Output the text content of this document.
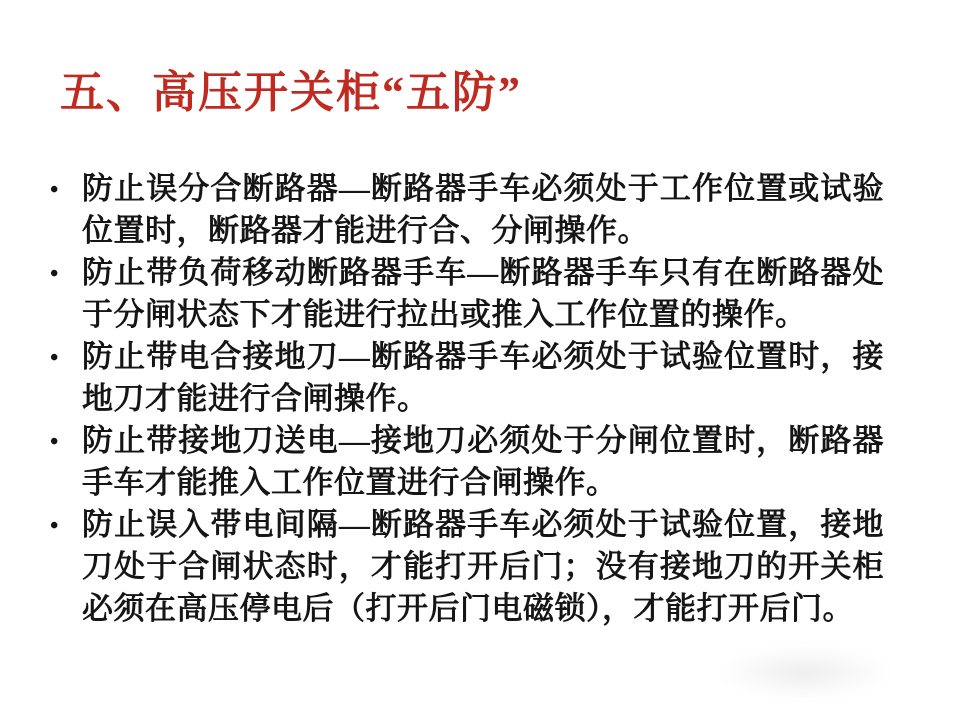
五、高压开关柜“五防”
• 防止误分合断路器—断路器手车必须处于工作位置或试验位置时，断路器才能进行合、分闸操作。
• 防止带负荷移动断路器手车—断路器手车只有在断路器处于分闸状态下才能进行拉出或推入工作位置的操作。
• 防止带电合接地刀—断路器手车必须处于试验位置时，接地刀才能进行合闸操作。
• 防止带接地刀送电—接地刀必须处于分闸位置时，断路器手车才能推入工作位置进行合闸操作。
• 防止误入带电间隔—断路器手车必须处于试验位置，接地刀处于合闸状态时，才能打开后门；没有接地刀的开关柜必须在高压停电后（打开后门电磁锁），才能打开后门。
